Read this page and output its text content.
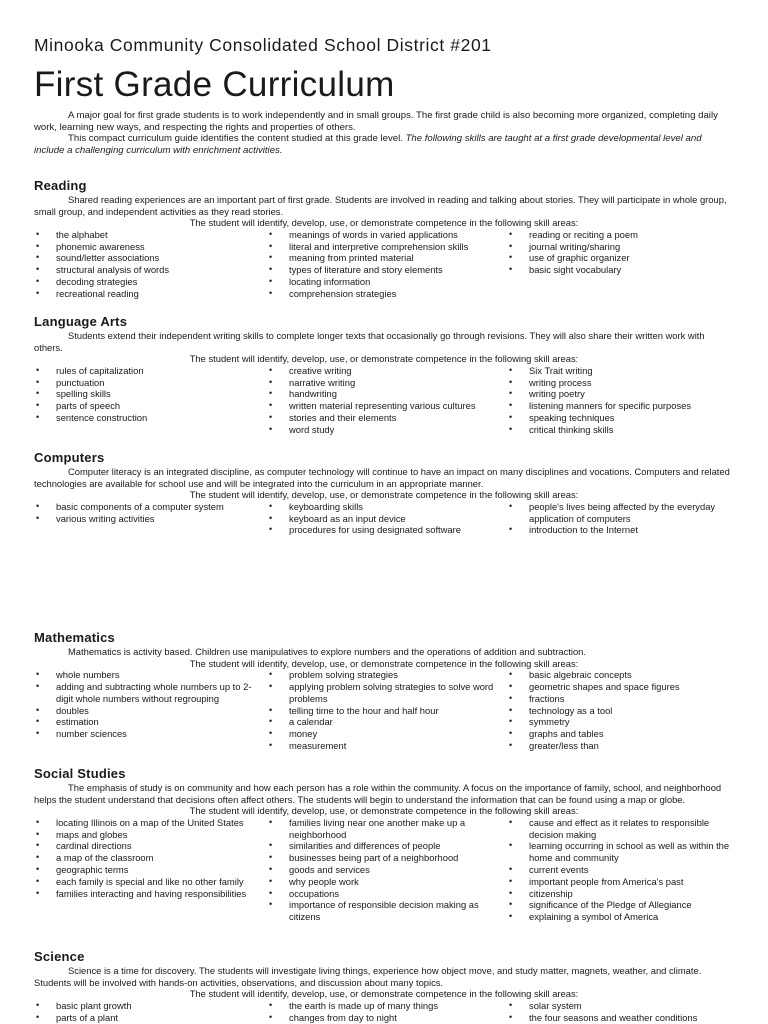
Minooka Community Consolidated School District #201

First Grade Curriculum

A major goal for first grade students is to work independently and in small groups. The first grade child is also becoming more organized, completing daily work, learning new ways, and respecting the rights and properties of others.

This compact curriculum guide identifies the content studied at this grade level. The following skills are taught at a first grade developmental level and include a challenging curriculum with enrichment activities.

Reading

Shared reading experiences are an important part of first grade. Students are involved in reading and talking about stories. They will participate in whole group, small group, and independent activities as they read stories.

The student will identify, develop, use, or demonstrate competence in the following skill areas:

• the alphabet
• phonemic awareness
• sound/letter associations
• structural analysis of words
• decoding strategies
• recreational reading
• meanings of words in varied applications
• literal and interpretive comprehension skills
• meaning from printed material
• types of literature and story elements
• locating information
• comprehension strategies
• reading or reciting a poem
• journal writing/sharing
• use of graphic organizer
• basic sight vocabulary
Language Arts

Students extend their independent writing skills to complete longer texts that occasionally go through revisions. They will also share their written work with others.

The student will identify, develop, use, or demonstrate competence in the following skill areas:

• rules of capitalization
• punctuation
• spelling skills
• parts of speech
• sentence construction
• creative writing
• narrative writing
• handwriting
• written material representing various cultures
• stories and their elements
• word study
• Six Trait writing
• writing process
• writing poetry
• listening manners for specific purposes
• speaking techniques
• critical thinking skills
Computers

Computer literacy is an integrated discipline, as computer technology will continue to have an impact on many disciplines and vocations. Computers and related technologies are available for school use and will be integrated into the curriculum in an appropriate manner.

The student will identify, develop, use, or demonstrate competence in the following skill areas:

• basic components of a computer system
• various writing activities
• keyboarding skills
• keyboard as an input device
• procedures for using designated software
• people's lives being affected by the everyday application of computers
• introduction to the Internet
Mathematics

Mathematics is activity based. Children use manipulatives to explore numbers and the operations of addition and subtraction.

The student will identify, develop, use, or demonstrate competence in the following skill areas:

• whole numbers
• adding and subtracting whole numbers up to 2-digit whole numbers without regrouping
• doubles
• estimation
• number sciences
• problem solving strategies
• applying problem solving strategies to solve word problems
• telling time to the hour and half hour
• a calendar
• money
• measurement
• basic algebraic concepts
• geometric shapes and space figures
• fractions
• technology as a tool
• symmetry
• graphs and tables
• greater/less than
Social Studies

The emphasis of study is on community and how each person has a role within the community. A focus on the importance of family, school, and neighborhood helps the student understand that decisions often affect others. The students will begin to understand the information that can be found using a map or globe.

The student will identify, develop, use, or demonstrate competence in the following skill areas:

• locating Illinois on a map of the United States
• maps and globes
• cardinal directions
• a map of the classroom
• geographic terms
• each family is special and like no other family
• families interacting and having responsibilities
• families living near one another make up a neighborhood
• similarities and differences of people
• businesses being part of a neighborhood
• goods and services
• why people work
• occupations
• importance of responsible decision making as citizens
• cause and effect as it relates to responsible decision making
• learning occurring in school as well as within the home and community
• current events
• important people from America's past
• citizenship
• significance of the Pledge of Allegiance
• explaining a symbol of America
Science

Science is a time for discovery. The students will investigate living things, experience how object move, and study matter, magnets, weather, and climate. Students will be involved with hands-on activities, observations, and discussion about many topics.

The student will identify, develop, use, or demonstrate competence in the following skill areas:

• basic plant growth
• parts of a plant
• the earth is made up of many things
• changes from day to night
• solar system
• the four seasons and weather conditions
